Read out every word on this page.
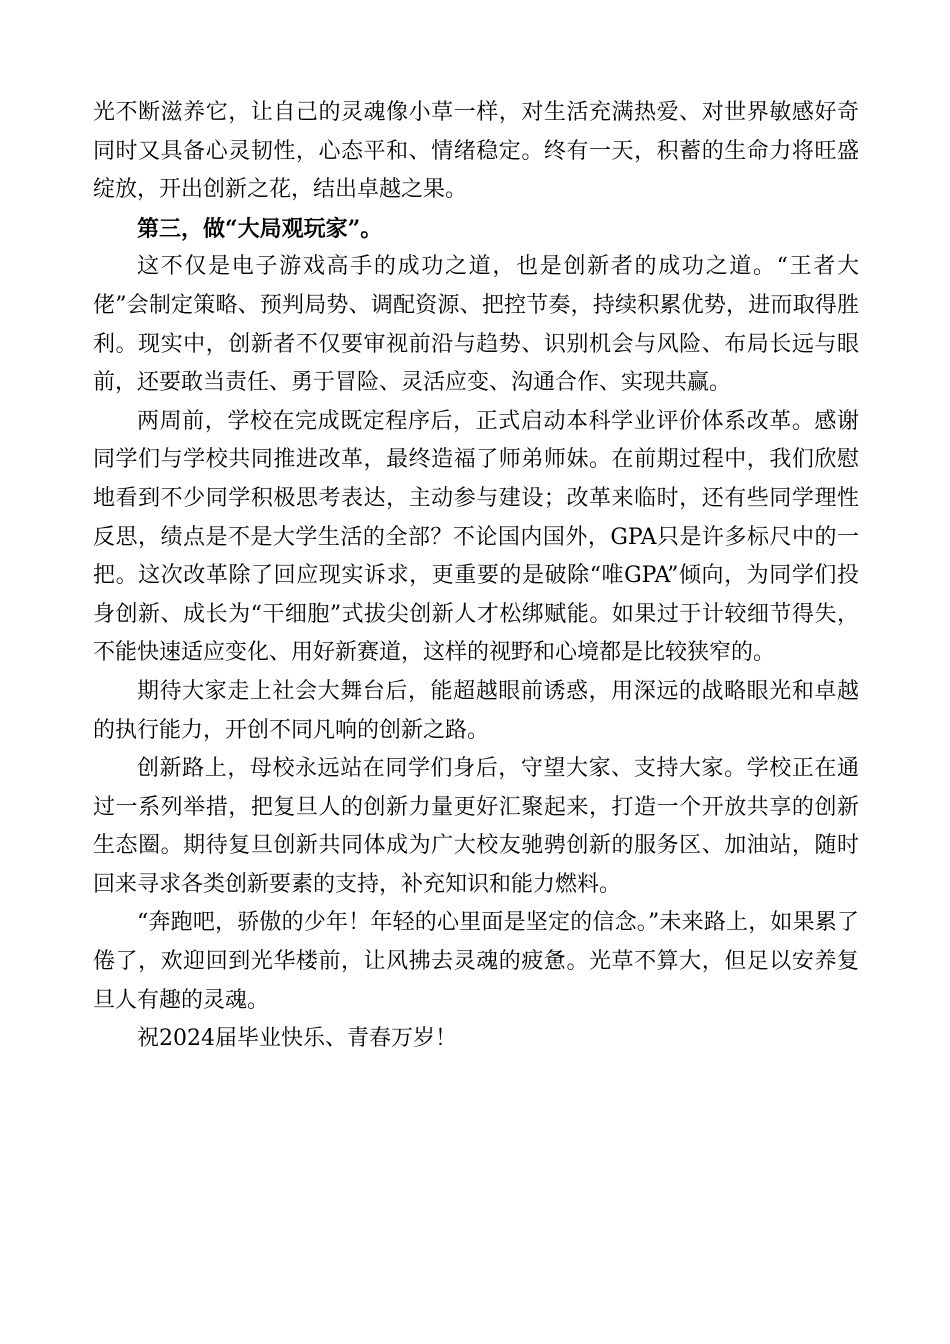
光不断滋养它，让自己的灵魂像小草一样，对生活充满热爱、对世界敏感好奇同时又具备心灵韧性，心态平和、情绪稳定。终有一天，积蓄的生命力将旺盛绽放，开出创新之花，结出卓越之果。

第三，做“大局观玩家”。

这不仅是电子游戏高手的成功之道，也是创新者的成功之道。“王者大佬”会制定策略、预判局势、调配资源、把控节奏，持续积累优势，进而取得胜利。现实中，创新者不仅要审视前沿与趋势、识别机会与风险、布局长远与眼前，还要敢当责任、勇于冒险、灵活应变、沟通合作、实现共赢。

两周前，学校在完成既定程序后，正式启动本科学业评价体系改革。感谢同学们与学校共同推进改革，最终造福了师弟师妹。在前期过程中，我们欣慰地看到不少同学积极思考表达，主动参与建设；改革来临时，还有些同学理性反思，绩点是不是大学生活的全部？不论国内国外，GPA只是许多标尺中的一把。这次改革除了回应现实诉求，更重要的是破除“唯GPA”倾向，为同学们投身创新、成长为“干细胞”式拔尖创新人才松绑赋能。如果过于计较细节得失，不能快速适应变化、用好新赛道，这样的视野和心境都是比较狭窄的。

期待大家走上社会大舞台后，能超越眼前诱惑，用深远的战略眼光和卓越的执行能力，开创不同凡响的创新之路。

创新路上，母校永远站在同学们身后，守望大家、支持大家。学校正在通过一系列举措，把复旦人的创新力量更好汇聚起来，打造一个开放共享的创新生态圈。期待复旦创新共同体成为广大校友驰骋创新的服务区、加油站，随时回来寻求各类创新要素的支持，补充知识和能力燃料。

“奔跑吧，骄傲的少年！年轻的心里面是坚定的信念。”未来路上，如果累了倦了，欢迎回到光华楼前，让风拂去灵魂的疲惫。光草不算大，但足以安养复旦人有趣的灵魂。

祝2024届毕业快乐、青春万岁！
